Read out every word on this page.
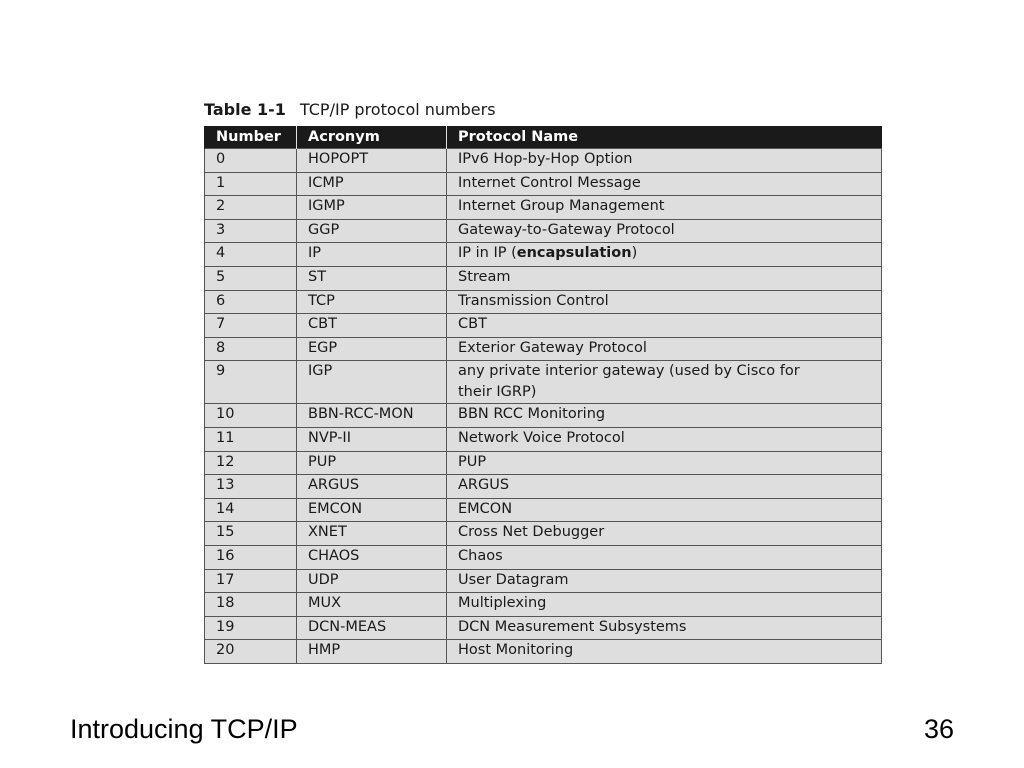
Table 1-1 TCP/IP protocol numbers
Number	Acronym	Protocol Name
0	HOPOPT	IPv6 Hop-by-Hop Option
1	ICMP	Internet Control Message
2	IGMP	Internet Group Management
3	GGP	Gateway-to-Gateway Protocol
4	IP	IP in IP (encapsulation)
5	ST	Stream
6	TCP	Transmission Control
7	CBT	CBT
8	EGP	Exterior Gateway Protocol
9	IGP	any private interior gateway (used by Cisco for
their IGRP)

10	BBN-RCC-MON	BBN RCC Monitoring
11	NVP-II	Network Voice Protocol
12	PUP	PUP
13	ARGUS	ARGUS
14	EMCON	EMCON
15	XNET	Cross Net Debugger
16	CHAOS	Chaos
17	UDP	User Datagram
18	MUX	Multiplexing
19	DCN-MEAS	DCN Measurement Subsystems
20	HMP	Host Monitoring
Introducing TCP/IP	36
